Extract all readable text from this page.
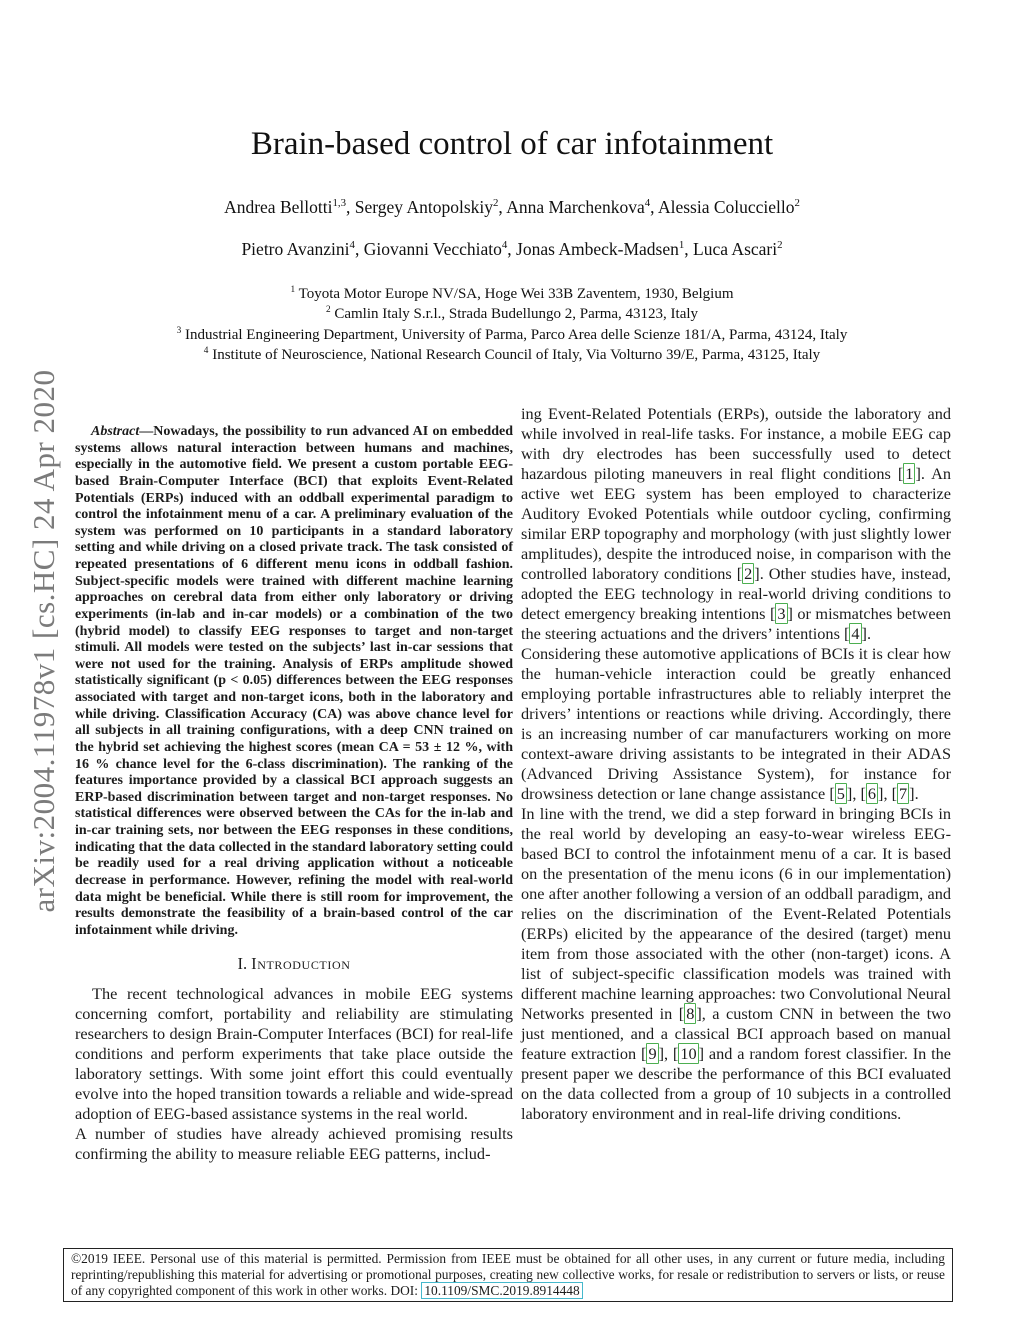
arXiv:2004.11978v1 [cs.HC] 24 Apr 2020
Brain-based control of car infotainment
Andrea Bellotti$^{1,3}$, Sergey Antopolskiy$^2$, Anna Marchenkova$^4$, Alessia Colucciello$^2$
Pietro Avanzini$^4$, Giovanni Vecchiato$^4$, Jonas Ambeck-Madsen$^1$, Luca Ascari$^2$
$^1$ Toyota Motor Europe NV/SA, Hoge Wei 33B Zaventem, 1930, Belgium
$^2$ Camlin Italy S.r.l., Strada Budellungo 2, Parma, 43123, Italy
$^3$ Industrial Engineering Department, University of Parma, Parco Area delle Scienze 181/A, Parma, 43124, Italy
$^4$ Institute of Neuroscience, National Research Council of Italy, Via Volturno 39/E, Parma, 43125, Italy

Abstract—Nowadays, the possibility to run advanced AI on embedded systems allows natural interaction between humans and machines, especially in the automotive field. We present a custom portable EEG-based Brain-Computer Interface (BCI) that exploits Event-Related Potentials (ERPs) induced with an oddball experimental paradigm to control the infotainment menu of a car. A preliminary evaluation of the system was performed on 10 participants in a standard laboratory setting and while driving on a closed private track. The task consisted of repeated presentations of 6 different menu icons in oddball fashion. Subject-specific models were trained with different machine learning approaches on cerebral data from either only laboratory or driving experiments (in-lab and in-car models) or a combination of the two (hybrid model) to classify EEG responses to target and non-target stimuli. All models were tested on the subjects’ last in-car sessions that were not used for the training. Analysis of ERPs amplitude showed statistically significant (p < 0.05) differences between the EEG responses associated with target and non-target icons, both in the laboratory and while driving. Classification Accuracy (CA) was above chance level for all subjects in all training configurations, with a deep CNN trained on the hybrid set achieving the highest scores (mean CA = 53 ± 12 %, with 16 % chance level for the 6-class discrimination). The ranking of the features importance provided by a classical BCI approach suggests an ERP-based discrimination between target and non-target responses. No statistical differences were observed between the CAs for the in-lab and in-car training sets, nor between the EEG responses in these conditions, indicating that the data collected in the standard laboratory setting could be readily used for a real driving application without a noticeable decrease in performance. However, refining the model with real-world data might be beneficial. While there is still room for improvement, the results demonstrate the feasibility of a brain-based control of the car infotainment while driving.

I. Introduction

The recent technological advances in mobile EEG systems concerning comfort, portability and reliability are stimulating researchers to design Brain-Computer Interfaces (BCI) for real-life conditions and perform experiments that take place outside the laboratory settings. With some joint effort this could eventually evolve into the hoped transition towards a reliable and wide-spread adoption of EEG-based assistance systems in the real world.

A number of studies have already achieved promising results confirming the ability to measure reliable EEG patterns, includ-

ing Event-Related Potentials (ERPs), outside the laboratory and while involved in real-life tasks. For instance, a mobile EEG cap with dry electrodes has been successfully used to detect hazardous piloting maneuvers in real flight conditions [ 1 ]. An active wet EEG system has been employed to characterize Auditory Evoked Potentials while outdoor cycling, confirming similar ERP topography and morphology (with just slightly lower amplitudes), despite the introduced noise, in comparison with the controlled laboratory conditions [ 2 ]. Other studies have, instead, adopted the EEG technology in real-world driving conditions to detect emergency breaking intentions [ 3 ] or mismatches between the steering actuations and the drivers’ intentions [ 4 ].

Considering these automotive applications of BCIs it is clear how the human-vehicle interaction could be greatly enhanced employing portable infrastructures able to reliably interpret the drivers’ intentions or reactions while driving. Accordingly, there is an increasing number of car manufacturers working on more context-aware driving assistants to be integrated in their ADAS (Advanced Driving Assistance System), for instance for drowsiness detection or lane change assistance [ 5 ], [ 6 ], [ 7 ].

In line with the trend, we did a step forward in bringing BCIs in the real world by developing an easy-to-wear wireless EEG-based BCI to control the infotainment menu of a car. It is based on the presentation of the menu icons (6 in our implementation) one after another following a version of an oddball paradigm, and relies on the discrimination of the Event-Related Potentials (ERPs) elicited by the appearance of the desired (target) menu item from those associated with the other (non-target) icons. A list of subject-specific classification models was trained with different machine learning approaches: two Convolutional Neural Networks presented in [ 8 ], a custom CNN in between the two just mentioned, and a classical BCI approach based on manual feature extraction [ 9 ], [ 10 ] and a random forest classifier. In the present paper we describe the performance of this BCI evaluated on the data collected from a group of 10 subjects in a controlled laboratory environment and in real-life driving conditions.

©2019 IEEE. Personal use of this material is permitted. Permission from IEEE must be obtained for all other uses, in any current or future media, including reprinting/republishing this material for advertising or promotional purposes, creating new collective works, for resale or redistribution to servers or lists, or reuse of any copyrighted component of this work in other works. DOI: 10.1109/SMC.2019.8914448
